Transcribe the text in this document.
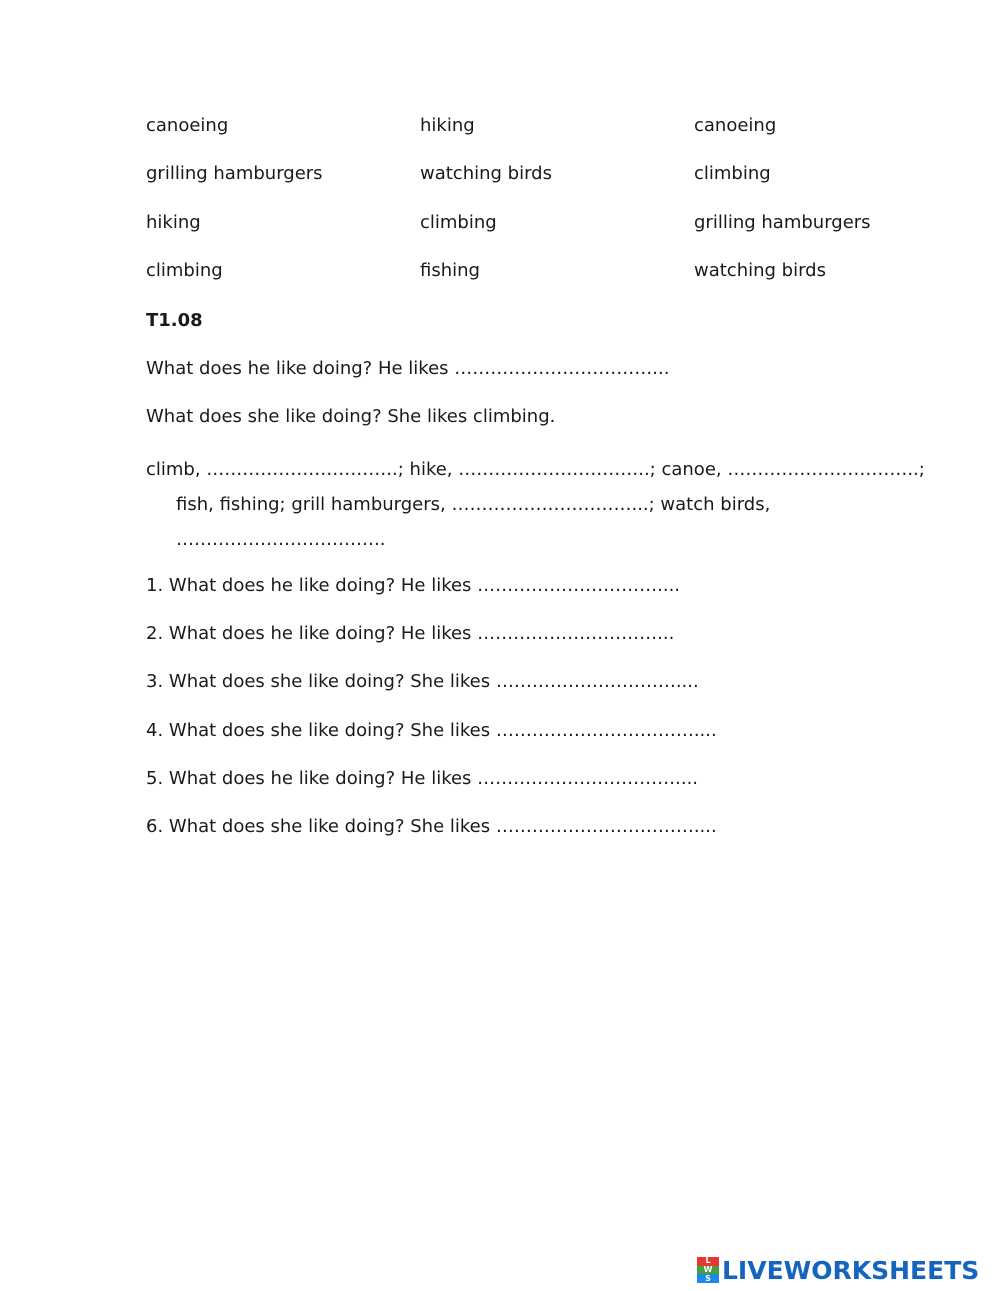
canoeing	hiking	canoeing
grilling hamburgers	watching birds	climbing
hiking	climbing	grilling hamburgers
climbing	fishing	watching birds
T1.08
What does he like doing? He likes ……………………………...
What does she like doing? She likes climbing.
climb, …………………………..; hike, …………………………..; canoe, …………………………..;
fish, fishing; grill hamburgers, …………………………...; watch birds,
……………………………..
1. What does he like doing? He likes …………………………....
2. What does he like doing? He likes …………………………...
3. What does she like doing? She likes …………………………....
4. What does she like doing? She likes ……………………………....
5. What does he like doing? He likes ……………………………....
6. What does she like doing? She likes ……………………………....
L
W
S LIVEWORKSHEETS
